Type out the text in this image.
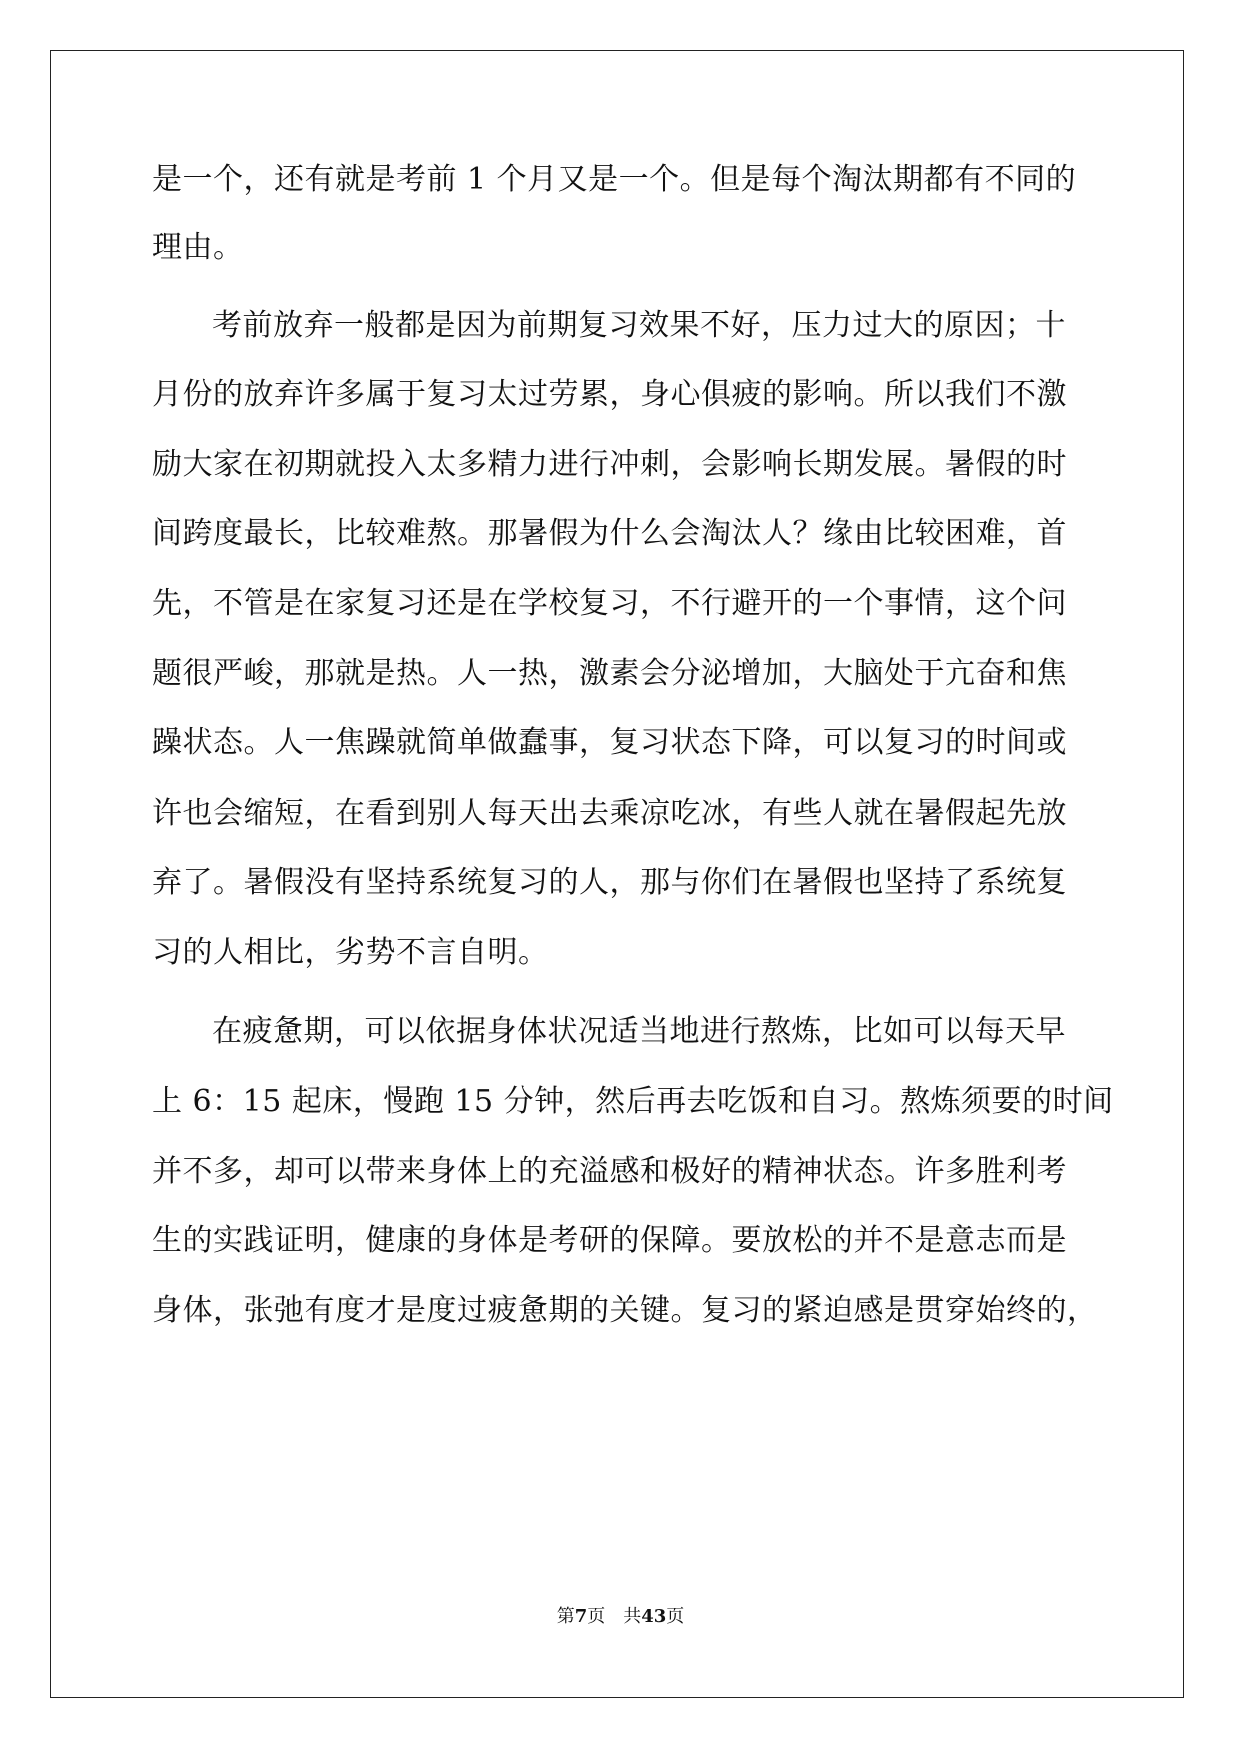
是一个，还有就是考前 1 个月又是一个。但是每个淘汰期都有不同的
理由。
考前放弃一般都是因为前期复习效果不好，压力过大的原因；十
月份的放弃许多属于复习太过劳累，身心俱疲的影响。所以我们不激
励大家在初期就投入太多精力进行冲刺，会影响长期发展。暑假的时
间跨度最长，比较难熬。那暑假为什么会淘汰人？缘由比较困难，首
先，不管是在家复习还是在学校复习，不行避开的一个事情，这个问
题很严峻，那就是热。人一热，激素会分泌增加，大脑处于亢奋和焦
躁状态。人一焦躁就简单做蠢事，复习状态下降，可以复习的时间或
许也会缩短，在看到别人每天出去乘凉吃冰，有些人就在暑假起先放
弃了。暑假没有坚持系统复习的人，那与你们在暑假也坚持了系统复
习的人相比，劣势不言自明。
在疲惫期，可以依据身体状况适当地进行熬炼，比如可以每天早
上 6：15 起床，慢跑 15 分钟，然后再去吃饭和自习。熬炼须要的时间
并不多，却可以带来身体上的充溢感和极好的精神状态。许多胜利考
生的实践证明，健康的身体是考研的保障。要放松的并不是意志而是
身体，张弛有度才是度过疲惫期的关键。复习的紧迫感是贯穿始终的，
第7页 共43页
